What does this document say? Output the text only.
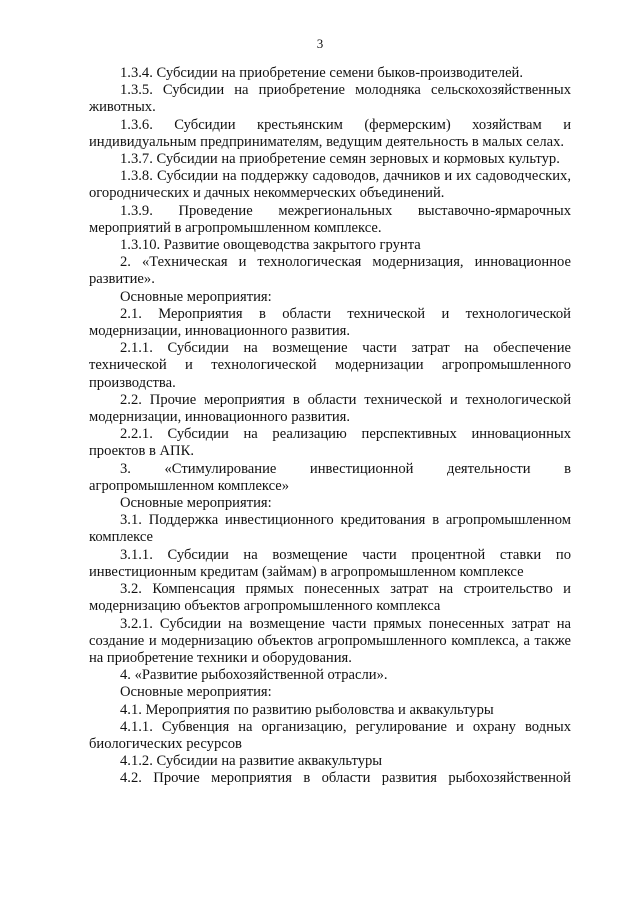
3

1.3.4. Субсидии на приобретение семени быков-производителей.

1.3.5. Субсидии на приобретение молодняка сельскохозяйственных животных.

1.3.6. Субсидии крестьянским (фермерским) хозяйствам и индивидуальным предпринимателям, ведущим деятельность в малых селах.

1.3.7. Субсидии на приобретение семян зерновых и кормовых культур.

1.3.8. Субсидии на поддержку садоводов, дачников и их садоводческих, огороднических и дачных некоммерческих объединений.

1.3.9. Проведение межрегиональных выставочно-ярмарочных мероприятий в агропромышленном комплексе.

1.3.10. Развитие овощеводства закрытого грунта

2. «Техническая и технологическая модернизация, инновационное развитие».

Основные мероприятия:

2.1. Мероприятия в области технической и технологической модернизации, инновационного развития.

2.1.1. Субсидии на возмещение части затрат на обеспечение технической и технологической модернизации агропромышленного производства.

2.2. Прочие мероприятия в области технической и технологической модернизации, инновационного развития.

2.2.1. Субсидии на реализацию перспективных инновационных проектов в АПК.

3. «Стимулирование инвестиционной деятельности в агропромышленном комплексе»

Основные мероприятия:

3.1. Поддержка инвестиционного кредитования в агропромышленном комплексе

3.1.1. Субсидии на возмещение части процентной ставки по инвестиционным кредитам (займам) в агропромышленном комплексе

3.2. Компенсация прямых понесенных затрат на строительство и модернизацию объектов агропромышленного комплекса

3.2.1. Субсидии на возмещение части прямых понесенных затрат на создание и модернизацию объектов агропромышленного комплекса, а также на приобретение техники и оборудования.

4. «Развитие рыбохозяйственной отрасли».

Основные мероприятия:

4.1. Мероприятия по развитию рыболовства и аквакультуры

4.1.1. Субвенция на организацию, регулирование и охрану водных биологических ресурсов

4.1.2. Субсидии на развитие аквакультуры

4.2. Прочие мероприятия в области развития рыбохозяйственной
